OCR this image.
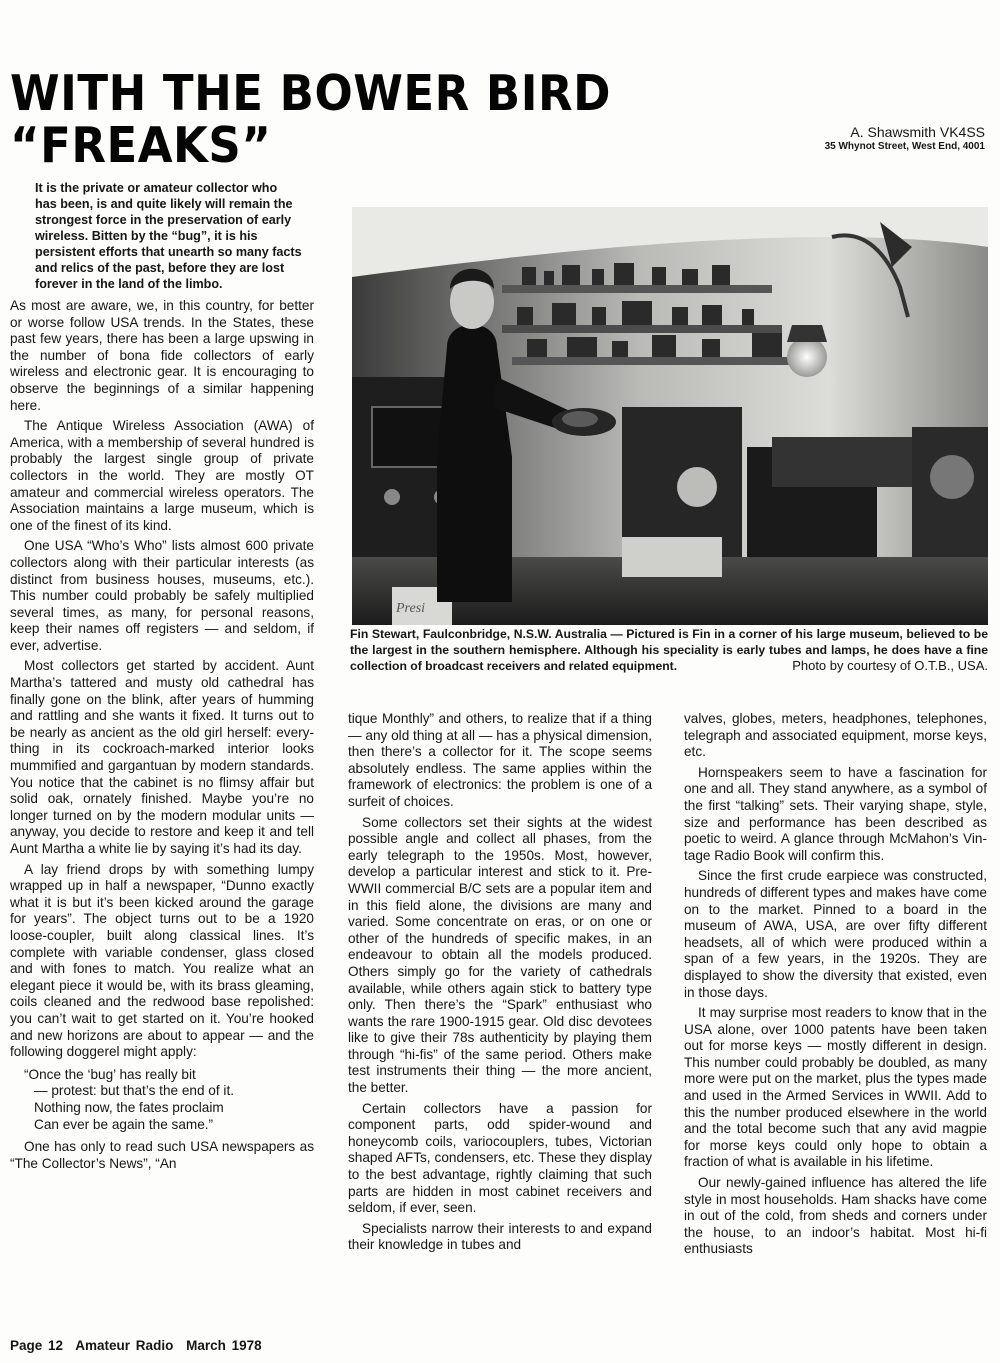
WITH THE BOWER BIRD
“FREAKS”	A. Shawsmith VK4SS
35 Whynot Street, West End, 4001

It is the private or amateur collector who has been, is and quite likely will remain the strongest force in the preservation of early wireless. Bitten by the “bug”, it is his persistent efforts that unearth so many facts and relics of the past, before they are lost forever in the land of the limbo.

As most are aware, we, in this country, for better or worse follow USA trends. In the States, these past few years, there has been a large upswing in the number of bona fide collectors of early wireless and electronic gear. It is encouraging to observe the beginnings of a similar happening here.

The Antique Wireless Association (AWA) of America, with a membership of several hundred is probably the largest single group of private collectors in the world. They are mostly OT amateur and commercial wireless operators. The Association maintains a large museum, which is one of the finest of its kind.

One USA “Who’s Who” lists almost 600 private collectors along with their particular interests (as distinct from business houses, museums, etc.). This number could probably be safely multiplied several times, as many, for personal reasons, keep their names off registers — and seldom, if ever, advertise.

Most collectors get started by accident. Aunt Martha’s tattered and musty old cathedral has finally gone on the blink, after years of humming and rattling and she wants it fixed. It turns out to be nearly as ancient as the old girl herself: everything in its cockroach-marked interior looks mummified and gargantuan by modern standards. You notice that the cabinet is no flimsy affair but solid oak, ornately finished. Maybe you’re no longer turned on by the modern modular units — anyway, you decide to restore and keep it and tell Aunt Martha a white lie by saying it’s had its day.

A lay friend drops by with something lumpy wrapped up in half a newspaper, “Dunno exactly what it is but it’s been kicked around the garage for years”. The object turns out to be a 1920 loose-coupler, built along classical lines. It’s complete with variable condenser, glass closed and with fones to match. You realize what an elegant piece it would be, with its brass gleaming, coils cleaned and the redwood base repolished: you can’t wait to get started on it. You’re hooked and new horizons are about to appear — and the following doggerel might apply:

“Once the ‘bug’ has really bit
— protest: but that’s the end of it.
Nothing now, the fates proclaim
Can ever be again the same.”

One has only to read such USA newspapers as “The Collector’s News”, “An

Presi
Fin Stewart, Faulconbridge, N.S.W. Australia — Pictured is Fin in a corner of his large museum, believed to be the largest in the southern hemisphere. Although his speciality is early tubes and lamps, he does have a fine collection of broadcast receivers and related equipment.	Photo by courtesy of O.T.B., USA.

tique Monthly” and others, to realize that if a thing — any old thing at all — has a physical dimension, then there’s a collector for it. The scope seems absolutely endless. The same applies within the framework of electronics: the problem is one of a surfeit of choices.

Some collectors set their sights at the widest possible angle and collect all phases, from the early telegraph to the 1950s. Most, however, develop a particular interest and stick to it. Pre-WWII commercial B/C sets are a popular item and in this field alone, the divisions are many and varied. Some concentrate on eras, or on one or other of the hundreds of specific makes, in an endeavour to obtain all the models produced. Others simply go for the variety of cathedrals available, while others again stick to battery type only. Then there’s the “Spark” enthusiast who wants the rare 1900-1915 gear. Old disc devotees like to give their 78s authenticity by playing them through “hi-fis” of the same period. Others make test instruments their thing — the more ancient, the better.

Certain collectors have a passion for component parts, odd spider-wound and honeycomb coils, variocouplers, tubes, Victorian shaped AFTs, condensers, etc. These they display to the best advantage, rightly claiming that such parts are hidden in most cabinet receivers and seldom, if ever, seen.

Specialists narrow their interests to and expand their knowledge in tubes and

valves, globes, meters, headphones, telephones, telegraph and associated equipment, morse keys, etc.

Hornspeakers seem to have a fascination for one and all. They stand anywhere, as a symbol of the first “talking” sets. Their varying shape, style, size and performance has been described as poetic to weird. A glance through McMahon’s Vintage Radio Book will confirm this.

Since the first crude earpiece was constructed, hundreds of different types and makes have come on to the market. Pinned to a board in the museum of AWA, USA, are over fifty different headsets, all of which were produced within a span of a few years, in the 1920s. They are displayed to show the diversity that existed, even in those days.

It may surprise most readers to know that in the USA alone, over 1000 patents have been taken out for morse keys — mostly different in design. This number could probably be doubled, as many more were put on the market, plus the types made and used in the Armed Services in WWII. Add to this the number produced elsewhere in the world and the total become such that any avid magpie for morse keys could only hope to obtain a fraction of what is available in his lifetime.

Our newly-gained influence has altered the life style in most households. Ham shacks have come in out of the cold, from sheds and corners under the house, to an indoor’s habitat. Most hi-fi enthusiasts

Page 12 Amateur Radio March 1978
